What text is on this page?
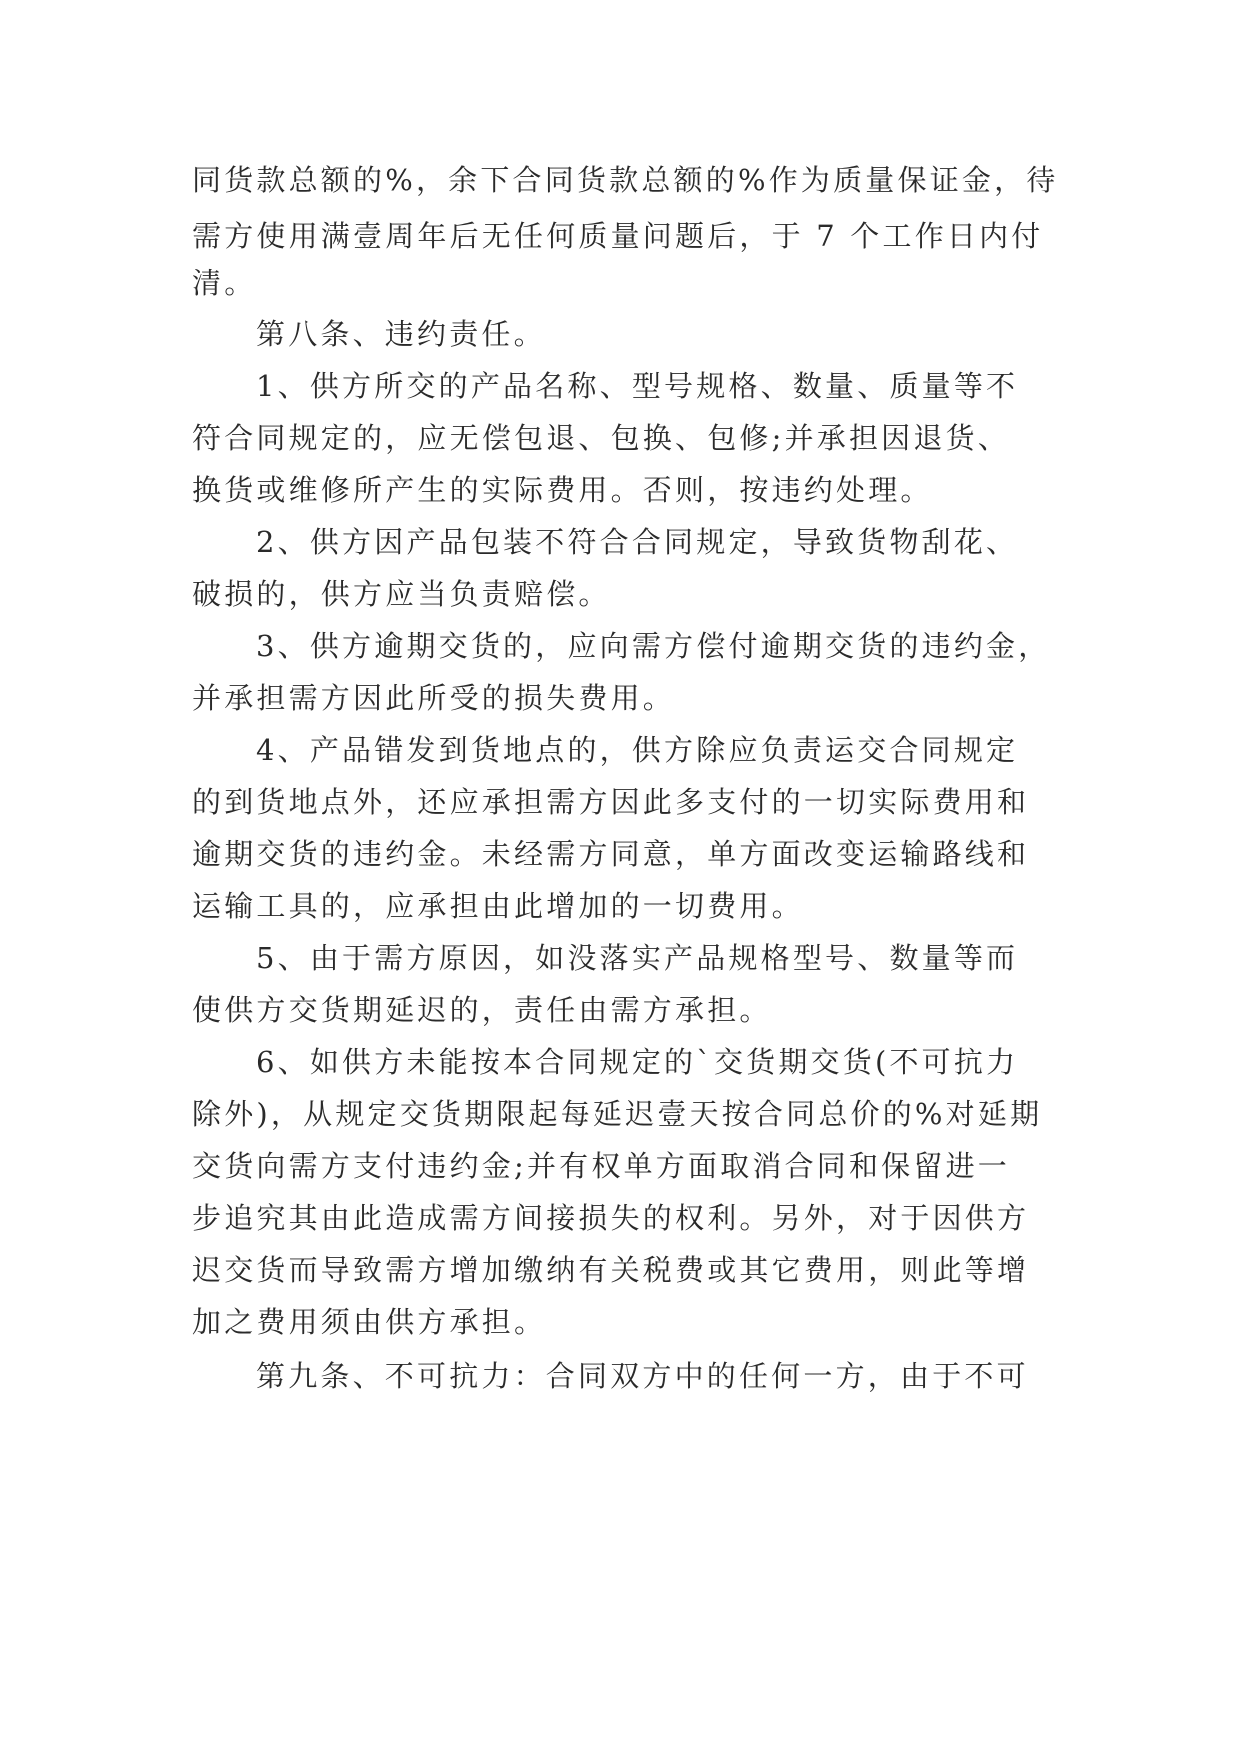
同货款总额的%，余下合同货款总额的%作为质量保证金，待
需方使用满壹周年后无任何质量问题后，于 7 个工作日内付
清。
第八条、违约责任。
1、供方所交的产品名称、型号规格、数量、质量等不
符合同规定的，应无偿包退、包换、包修;并承担因退货、
换货或维修所产生的实际费用。否则，按违约处理。
2、供方因产品包装不符合合同规定，导致货物刮花、
破损的，供方应当负责赔偿。
3、供方逾期交货的，应向需方偿付逾期交货的违约金，
并承担需方因此所受的损失费用。
4、产品错发到货地点的，供方除应负责运交合同规定
的到货地点外，还应承担需方因此多支付的一切实际费用和
逾期交货的违约金。未经需方同意，单方面改变运输路线和
运输工具的，应承担由此增加的一切费用。
5、由于需方原因，如没落实产品规格型号、数量等而
使供方交货期延迟的，责任由需方承担。
6、如供方未能按本合同规定的`交货期交货(不可抗力
除外)，从规定交货期限起每延迟壹天按合同总价的%对延期
交货向需方支付违约金;并有权单方面取消合同和保留进一
步追究其由此造成需方间接损失的权利。另外，对于因供方
迟交货而导致需方增加缴纳有关税费或其它费用，则此等增
加之费用须由供方承担。
第九条、不可抗力：合同双方中的任何一方，由于不可
